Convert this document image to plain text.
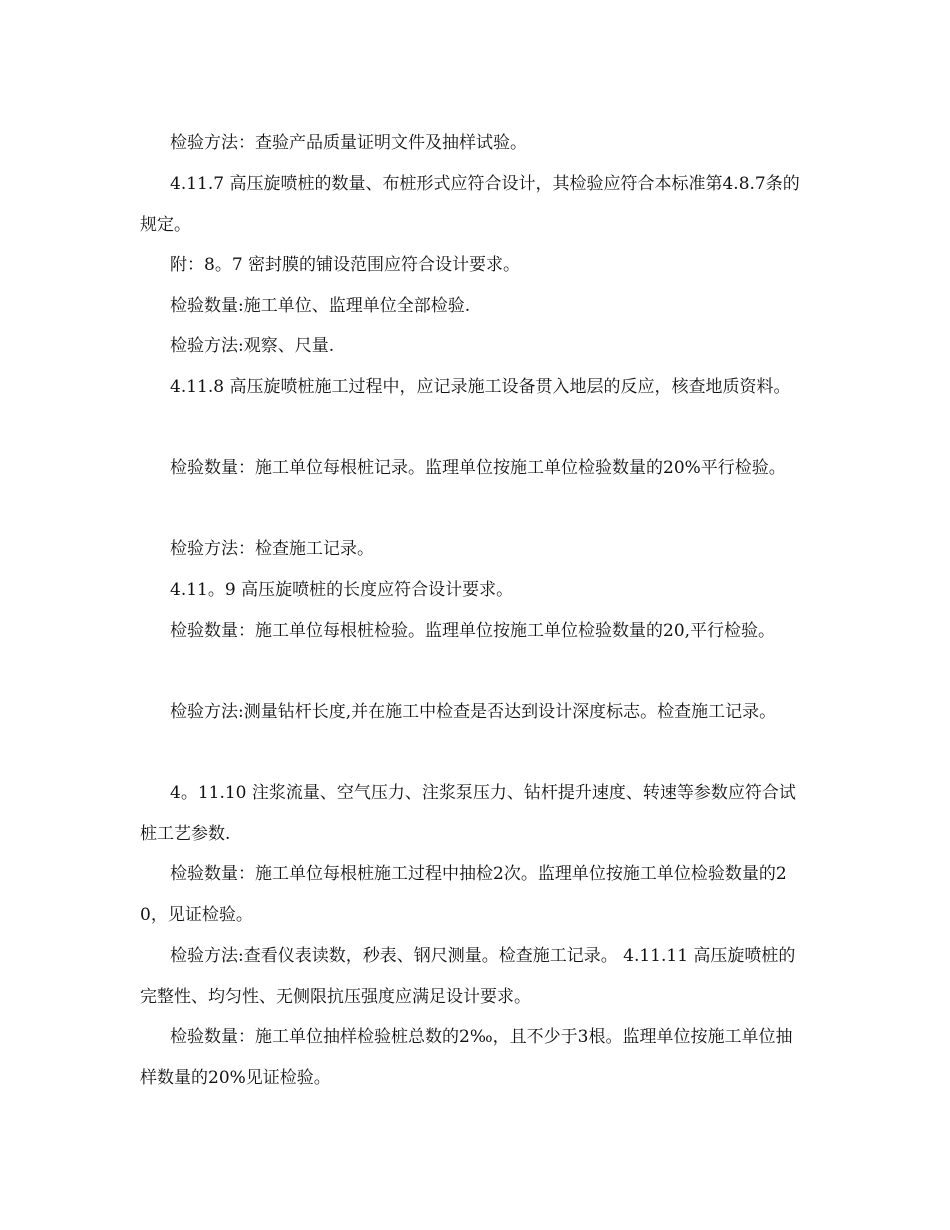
检验方法：查验产品质量证明文件及抽样试验。

4.11.7 高压旋喷桩的数量、布桩形式应符合设计，其检验应符合本标准第4.8.7条的规定。

附：8。7 密封膜的铺设范围应符合设计要求。

检验数量:施工单位、监理单位全部检验.

检验方法:观察、尺量.

4.11.8 高压旋喷桩施工过程中，应记录施工设备贯入地层的反应，核查地质资料。

检验数量：施工单位每根桩记录。监理单位按施工单位检验数量的20%平行检验。

检验方法：检查施工记录。

4.11。9 高压旋喷桩的长度应符合设计要求。

检验数量：施工单位每根桩检验。监理单位按施工单位检验数量的20,平行检验。

检验方法:测量钻杆长度,并在施工中检查是否达到设计深度标志。检查施工记录。

4。11.10 注浆流量、空气压力、注浆泵压力、钻杆提升速度、转速等参数应符合试桩工艺参数.

检验数量：施工单位每根桩施工过程中抽检2次。监理单位按施工单位检验数量的20，见证检验。

检验方法:查看仪表读数，秒表、钢尺测量。检查施工记录。 4.11.11 高压旋喷桩的完整性、均匀性、无侧限抗压强度应满足设计要求。

检验数量：施工单位抽样检验桩总数的2‰，且不少于3根。监理单位按施工单位抽样数量的20%见证检验。
